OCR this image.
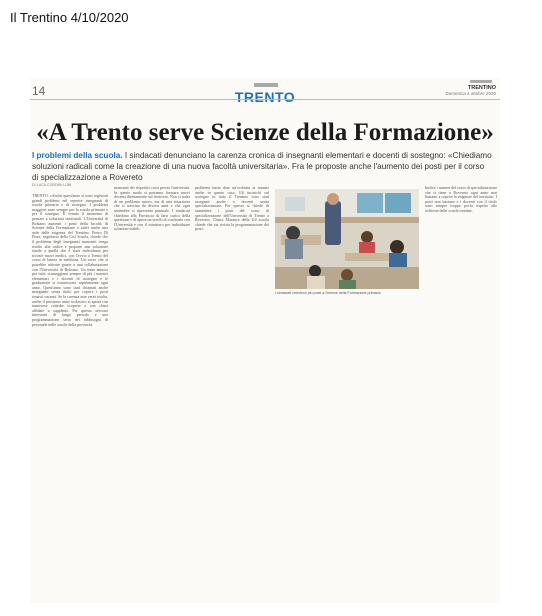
Il Trentino 4/10/2020
14	TRENTO
TRENTINO
Domenica 4 ottobre 2020
«A Trento serve Scienze della Formazione»
I problemi della scuola. I sindacati denunciano la carenza cronica di insegnanti elementari e docenti di sostegno: «Chiediamo soluzioni radicali come la creazione di una nuova facoltà universitaria». Fra le proposte anche l'aumento dei posti per il corso di specializzazione a Rovereto
DI LUCA CORDINI LUBI

TRENTO. «Anche quest'anno si sono registrati grandi problemi nel reperire insegnanti di scuola primaria e di sostegno. I problemi maggiori sono sempre per la scuola primaria e per il sostegno. È venuto il momento di pensare a soluzioni strutturali. L'Università di Bolzano aumenti i posti della facoltà di Scienze della Formazione e attivi anche una sede delle esigenze del Trentino. Pietro Di Fiore, segretario della Cisl Scuola, chiede che il problema degli insegnanti mancanti venga risolto alla radice e propone una soluzione simile a quella che è stata individuata per trovare nuovi medici, con l'avvio a Trento del corso di laurea in medicina. Un corso che si potrebbe attivare grazie a una collaborazione con l'Università di Bolzano. Un tema annoso per tutti: scarseggiano sempre di più i maestri elementari e i docenti di sostegno e le graduatorie si esauriscono rapidamente ogni anno. Quest'anno sono stati chiamati anche insegnanti senza titolo per coprire i posti rimasti vacanti. Se la carenza non verrà risolta, anche il prossimo anno scolastico si aprirà con numerose cattedre scoperte e con classi affidate a supplenti. Per questo servono interventi di lungo periodo e una programmazione seria dei fabbisogni di personale nelle scuole della provincia.

mancanti dei rispettivi corsi presso l'università. In questo modo si potranno formare nuovi docenti direttamente sul territorio. Non si tratta di un problema nuovo, ma di una situazione che si trascina da diversi anni e che ogni settembre si ripresenta puntuale. I sindacati chiedono alla Provincia di farsi carico della questione e di aprire un tavolo di confronto con l'Università e con il ministero per individuare soluzioni stabili.

problema basta dare un'occhiata ai numeri anche in questo caso. Gli incarichi sul sostegno in tutto il Trentino sono stati assegnati anche a docenti senza specializzazione. Per questo si chiede di aumentare i posti del corso di specializzazione dell'Università di Trento a Rovereto. Chiara Maranca della Uil scuola chiede che sia rivista la programmazione dei posti.

I sindacati chiedono più posti a Scienze della Formazione primaria

Inoltre i numeri del corso di specializzazione che si tiene a Rovereto ogni anno non bastano a coprire le esigenze del territorio. I posti non bastano e i docenti con il titolo sono sempre troppo pochi rispetto alle richieste delle scuole trentine.
